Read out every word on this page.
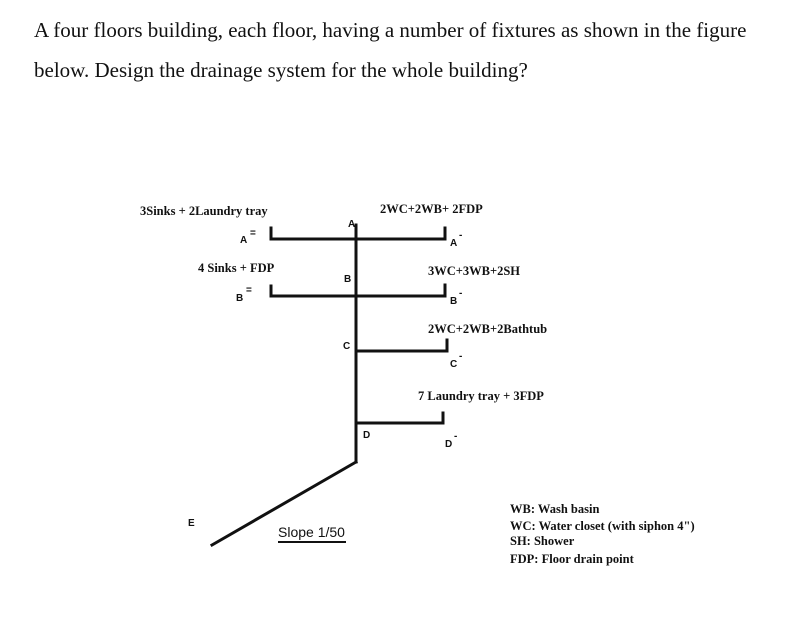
A four floors building, each floor, having a number of fixtures as shown in the figure below. Design the drainage system for the whole building?

3Sinks + 2Laundry tray	2WC+2WB+ 2FDP
4 Sinks + FDP	3WC+3WB+2SH
2WC+2WB+2Bathtub
7 Laundry tray + 3FDP
A
B
C
D
A
=
A
-
B
=
B
-
C
-
D
-
E
Slope 1/50
WB: Wash basin
WC: Water closet (with siphon 4")
SH: Shower
FDP: Floor drain point
